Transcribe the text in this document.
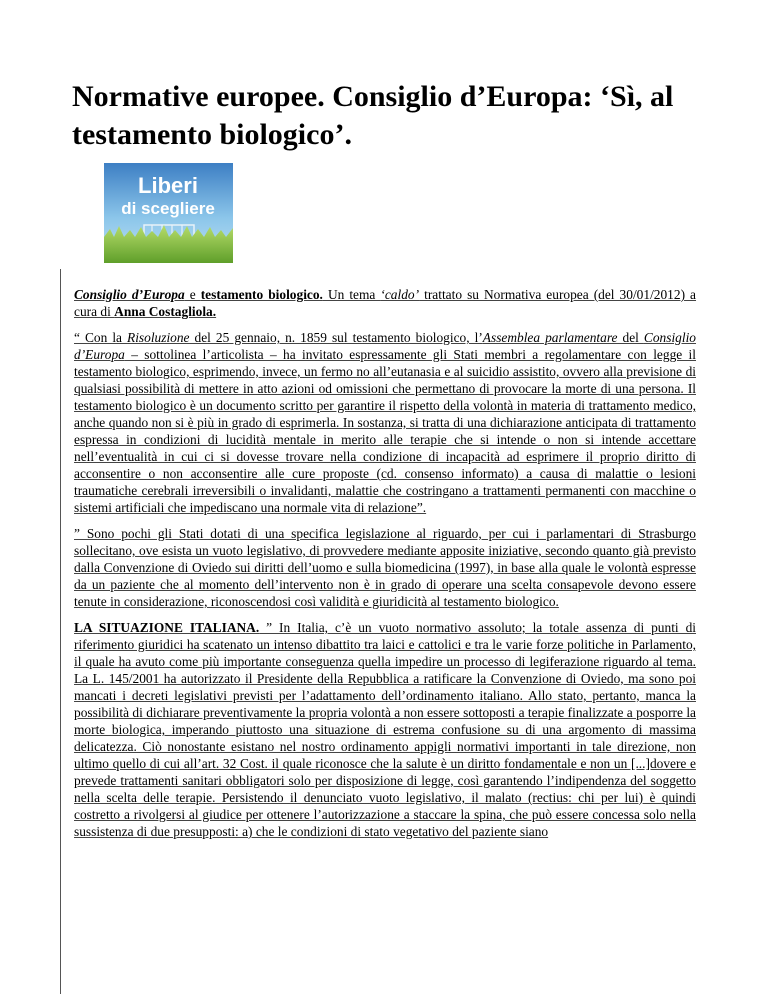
Normative europee. Consiglio d’Europa: ‘Sì, al testamento biologico’.
Liberi
di scegliere

Consiglio d’Europa e testamento biologico. Un tema ‘caldo’ trattato su Normativa europea (del 30/01/2012) a cura di Anna Costagliola.

“ Con la Risoluzione del 25 gennaio, n. 1859 sul testamento biologico, l’Assemblea parlamentare del Consiglio d’Europa – sottolinea l’articolista – ha invitato espressamente gli Stati membri a regolamentare con legge il testamento biologico, esprimendo, invece, un fermo no all’eutanasia e al suicidio assistito, ovvero alla previsione di qualsiasi possibilità di mettere in atto azioni od omissioni che permettano di provocare la morte di una persona. Il testamento biologico è un documento scritto per garantire il rispetto della volontà in materia di trattamento medico, anche quando non si è più in grado di esprimerla. In sostanza, si tratta di una dichiarazione anticipata di trattamento espressa in condizioni di lucidità mentale in merito alle terapie che si intende o non si intende accettare nell’eventualità in cui ci si dovesse trovare nella condizione di incapacità ad esprimere il proprio diritto di acconsentire o non acconsentire alle cure proposte (cd. consenso informato) a causa di malattie o lesioni traumatiche cerebrali irreversibili o invalidanti, malattie che costringano a trattamenti permanenti con macchine o sistemi artificiali che impediscano una normale vita di relazione”.

” Sono pochi gli Stati dotati di una specifica legislazione al riguardo, per cui i parlamentari di Strasburgo sollecitano, ove esista un vuoto legislativo, di provvedere mediante apposite iniziative, secondo quanto già previsto dalla Convenzione di Oviedo sui diritti dell’uomo e sulla biomedicina (1997), in base alla quale le volontà espresse da un paziente che al momento dell’intervento non è in grado di operare una scelta consapevole devono essere tenute in considerazione, riconoscendosi così validità e giuridicità al testamento biologico.

LA SITUAZIONE ITALIANA. ” In Italia, c’è un vuoto normativo assoluto; la totale assenza di punti di riferimento giuridici ha scatenato un intenso dibattito tra laici e cattolici e tra le varie forze politiche in Parlamento, il quale ha avuto come più importante conseguenza quella impedire un processo di legiferazione riguardo al tema. La L. 145/2001 ha autorizzato il Presidente della Repubblica a ratificare la Convenzione di Oviedo, ma sono poi mancati i decreti legislativi previsti per l’adattamento dell’ordinamento italiano. Allo stato, pertanto, manca la possibilità di dichiarare preventivamente la propria volontà a non essere sottoposti a terapie finalizzate a posporre la morte biologica, imperando piuttosto una situazione di estrema confusione su di una argomento di massima delicatezza. Ciò nonostante esistano nel nostro ordinamento appigli normativi importanti in tale direzione, non ultimo quello di cui all’art. 32 Cost. il quale riconosce che la salute è un diritto fondamentale e non un [...]dovere e prevede trattamenti sanitari obbligatori solo per disposizione di legge, così garantendo l’indipendenza del soggetto nella scelta delle terapie. Persistendo il denunciato vuoto legislativo, il malato (rectius: chi per lui) è quindi costretto a rivolgersi al giudice per ottenere l’autorizzazione a staccare la spina, che può essere concessa solo nella sussistenza di due presupposti: a) che le condizioni di stato vegetativo del paziente siano
